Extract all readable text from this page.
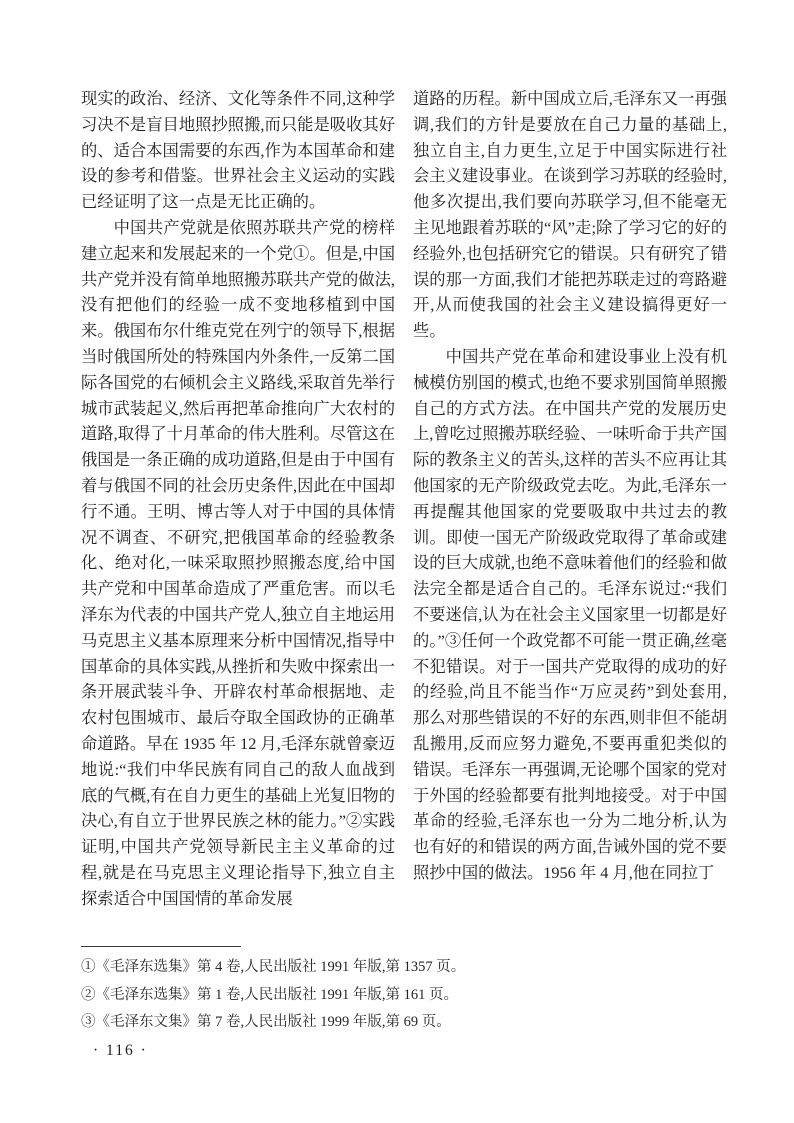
现实的政治、经济、文化等条件不同,这种学习决不是盲目地照抄照搬,而只能是吸收其好的、适合本国需要的东西,作为本国革命和建设的参考和借鉴。世界社会主义运动的实践已经证明了这一点是无比正确的。

中国共产党就是依照苏联共产党的榜样建立起来和发展起来的一个党①。但是,中国共产党并没有简单地照搬苏联共产党的做法,没有把他们的经验一成不变地移植到中国来。俄国布尔什维克党在列宁的领导下,根据当时俄国所处的特殊国内外条件,一反第二国际各国党的右倾机会主义路线,采取首先举行城市武装起义,然后再把革命推向广大农村的道路,取得了十月革命的伟大胜利。尽管这在俄国是一条正确的成功道路,但是由于中国有着与俄国不同的社会历史条件,因此在中国却行不通。王明、博古等人对于中国的具体情况不调查、不研究,把俄国革命的经验教条化、绝对化,一味采取照抄照搬态度,给中国共产党和中国革命造成了严重危害。而以毛泽东为代表的中国共产党人,独立自主地运用马克思主义基本原理来分析中国情况,指导中国革命的具体实践,从挫折和失败中探索出一条开展武装斗争、开辟农村革命根据地、走农村包围城市、最后夺取全国政协的正确革命道路。早在 1935 年 12 月,毛泽东就曾豪迈地说:“我们中华民族有同自己的敌人血战到底的气概,有在自力更生的基础上光复旧物的决心,有自立于世界民族之林的能力。”②实践证明,中国共产党领导新民主主义革命的过程,就是在马克思主义理论指导下,独立自主探索适合中国国情的革命发展

道路的历程。新中国成立后,毛泽东又一再强调,我们的方针是要放在自己力量的基础上,独立自主,自力更生,立足于中国实际进行社会主义建设事业。在谈到学习苏联的经验时,他多次提出,我们要向苏联学习,但不能毫无主见地跟着苏联的“风”走;除了学习它的好的经验外,也包括研究它的错误。只有研究了错误的那一方面,我们才能把苏联走过的弯路避开,从而使我国的社会主义建设搞得更好一些。

中国共产党在革命和建设事业上没有机械模仿别国的模式,也绝不要求别国简单照搬自己的方式方法。在中国共产党的发展历史上,曾吃过照搬苏联经验、一味听命于共产国际的教条主义的苦头,这样的苦头不应再让其他国家的无产阶级政党去吃。为此,毛泽东一再提醒其他国家的党要吸取中共过去的教训。即使一国无产阶级政党取得了革命或建设的巨大成就,也绝不意味着他们的经验和做法完全都是适合自己的。毛泽东说过:“我们不要迷信,认为在社会主义国家里一切都是好的。”③任何一个政党都不可能一贯正确,丝毫不犯错误。对于一国共产党取得的成功的好的经验,尚且不能当作“万应灵药”到处套用,那么对那些错误的不好的东西,则非但不能胡乱搬用,反而应努力避免,不要再重犯类似的错误。毛泽东一再强调,无论哪个国家的党对于外国的经验都要有批判地接受。对于中国革命的经验,毛泽东也一分为二地分析,认为也有好的和错误的两方面,告诫外国的党不要照抄中国的做法。1956 年 4 月,他在同拉丁

①《毛泽东选集》第 4 卷,人民出版社 1991 年版,第 1357 页。
②《毛泽东选集》第 1 卷,人民出版社 1991 年版,第 161 页。
③《毛泽东文集》第 7 卷,人民出版社 1999 年版,第 69 页。
· 116 ·
